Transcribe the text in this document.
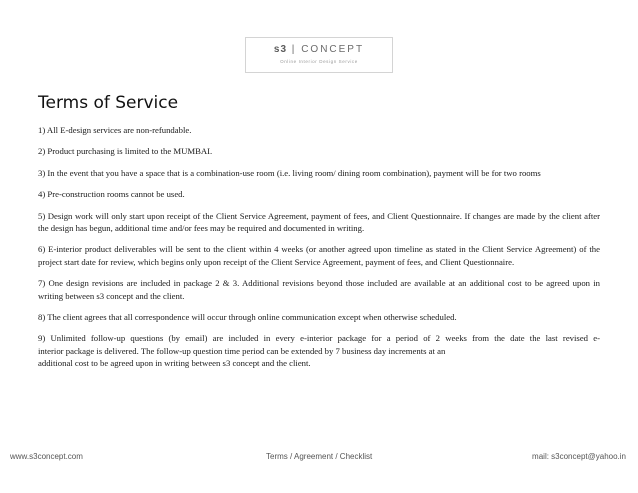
s3 | CONCEPT
Online Interior Design Service
Terms of Service

1) All E-design services are non-refundable.

2) Product purchasing is limited to the MUMBAI.

3) In the event that you have a space that is a combination-use room (i.e. living room/ dining room combination), payment will be for two rooms

4) Pre-construction rooms cannot be used.

5) Design work will only start upon receipt of the Client Service Agreement, payment of fees, and Client Questionnaire. If changes are made by the client after the design has begun, additional time and/or fees may be required and documented in writing.

6) E-interior product deliverables will be sent to the client within 4 weeks (or another agreed upon timeline as stated in the Client Service Agreement) of the project start date for review, which begins only upon receipt of the Client Service Agreement, payment of fees, and Client Questionnaire.

7) One design revisions are included in package 2 & 3. Additional revisions beyond those included are available at an additional cost to be agreed upon in writing between s3 concept and the client.

8) The client agrees that all correspondence will occur through online communication except when otherwise scheduled.

9) Unlimited follow-up questions (by email) are included in every e-interior package for a period of 2 weeks from the date the last revised e-
interior package is delivered. The follow-up question time period can be extended by 7 business day increments at an
additional cost to be agreed upon in writing between s3 concept and the client.
www.s3concept.com	Terms / Agreement / Checklist	mail: s3concept@yahoo.in
